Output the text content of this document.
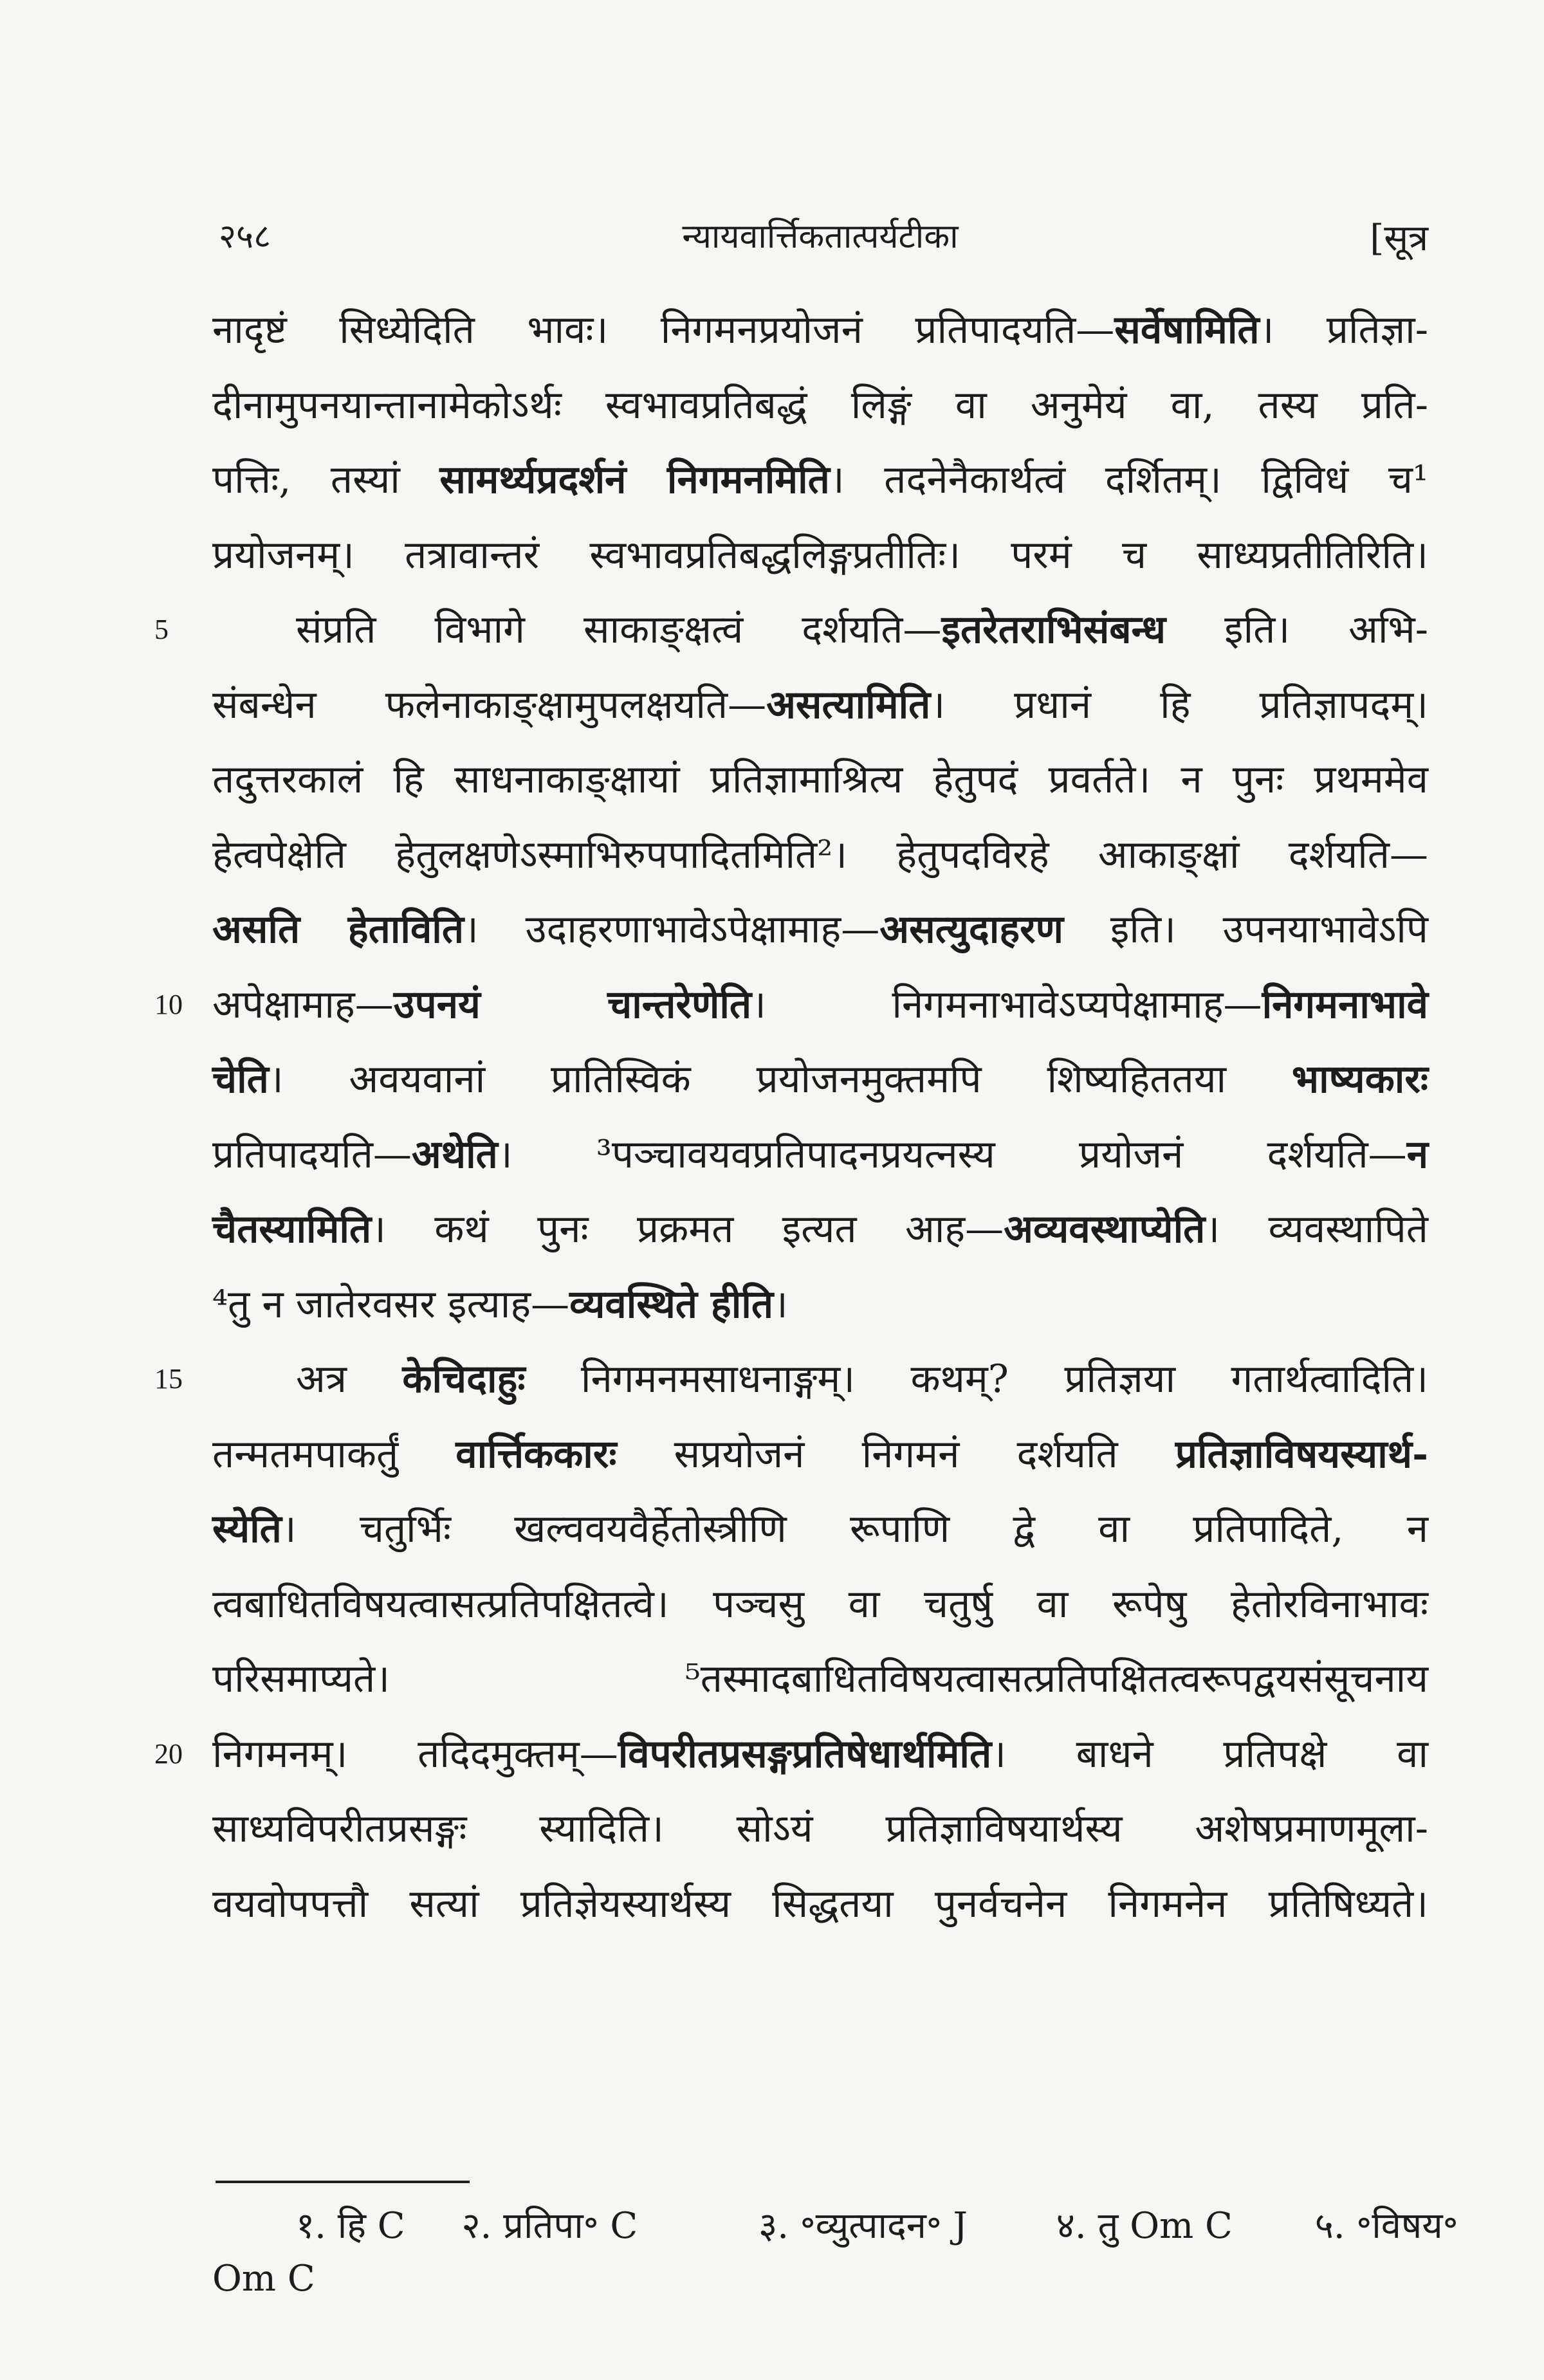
२५८	न्यायवार्त्तिकतात्पर्यटीका	[सूत्र
नादृष्टं सिध्येदिति भावः। निगमनप्रयोजनं प्रतिपादयति—सर्वेषामिति। प्रतिज्ञा-
दीनामुपनयान्तानामेकोऽर्थः स्वभावप्रतिबद्धं लिङ्गं वा अनुमेयं वा, तस्य प्रति-
पत्तिः, तस्यां सामर्थ्यप्रदर्शनं निगमनमिति। तदनेनैकार्थत्वं दर्शितम्। द्विविधं च¹
प्रयोजनम्। तत्रावान्तरं स्वभावप्रतिबद्धलिङ्गप्रतीतिः। परमं च साध्यप्रतीतिरिति।
5	संप्रति विभागे साकाङ्क्षत्वं दर्शयति—इतरेतराभिसंबन्ध इति। अभि-
संबन्धेन फलेनाकाङ्क्षामुपलक्षयति—असत्यामिति। प्रधानं हि प्रतिज्ञापदम्।
तदुत्तरकालं हि साधनाकाङ्क्षायां प्रतिज्ञामाश्रित्य हेतुपदं प्रवर्तते। न पुनः प्रथममेव
हेत्वपेक्षेति हेतुलक्षणेऽस्माभिरुपपादितमिति²। हेतुपदविरहे आकाङ्क्षां दर्शयति—
असति हेताविति। उदाहरणाभावेऽपेक्षामाह—असत्युदाहरण इति। उपनयाभावेऽपि
10 अपेक्षामाह—उपनयं चान्तरेणेति। निगमनाभावेऽप्यपेक्षामाह—निगमनाभावे
चेति। अवयवानां प्रातिस्विकं प्रयोजनमुक्तमपि शिष्यहिततया भाष्यकारः
प्रतिपादयति—अथेति। ³पञ्चावयवप्रतिपादनप्रयत्नस्य प्रयोजनं दर्शयति—न
चैतस्यामिति। कथं पुनः प्रक्रमत इत्यत आह—अव्यवस्थाप्येति। व्यवस्थापिते
⁴तु न जातेरवसर इत्याह—व्यवस्थिते हीति।
15	अत्र केचिदाहुः निगमनमसाधनाङ्गम्। कथम्? प्रतिज्ञया गतार्थत्वादिति।
तन्मतमपाकर्तुं वार्त्तिककारः सप्रयोजनं निगमनं दर्शयति प्रतिज्ञाविषयस्यार्थ-
स्येति। चतुर्भिः खल्ववयवैर्हेतोस्त्रीणि रूपाणि द्वे वा प्रतिपादिते, न
त्वबाधितविषयत्वासत्प्रतिपक्षितत्वे। पञ्चसु वा चतुर्षु वा रूपेषु हेतोरविनाभावः
परिसमाप्यते। ⁵तस्मादबाधितविषयत्वासत्प्रतिपक्षितत्वरूपद्वयसंसूचनाय
20 निगमनम्। तदिदमुक्तम्—विपरीतप्रसङ्गप्रतिषेधार्थमिति। बाधने प्रतिपक्षे वा
साध्यविपरीतप्रसङ्गः स्यादिति। सोऽयं प्रतिज्ञाविषयार्थस्य अशेषप्रमाणमूला-
वयवोपपत्तौ सत्यां प्रतिज्ञेयस्यार्थस्य सिद्धतया पुनर्वचनेन निगमनेन प्रतिषिध्यते।
१. हि C २. प्रतिपा॰ C	३. ॰व्युत्पादन॰ J ४. तु Om C ५. ॰विषय॰
Om C
